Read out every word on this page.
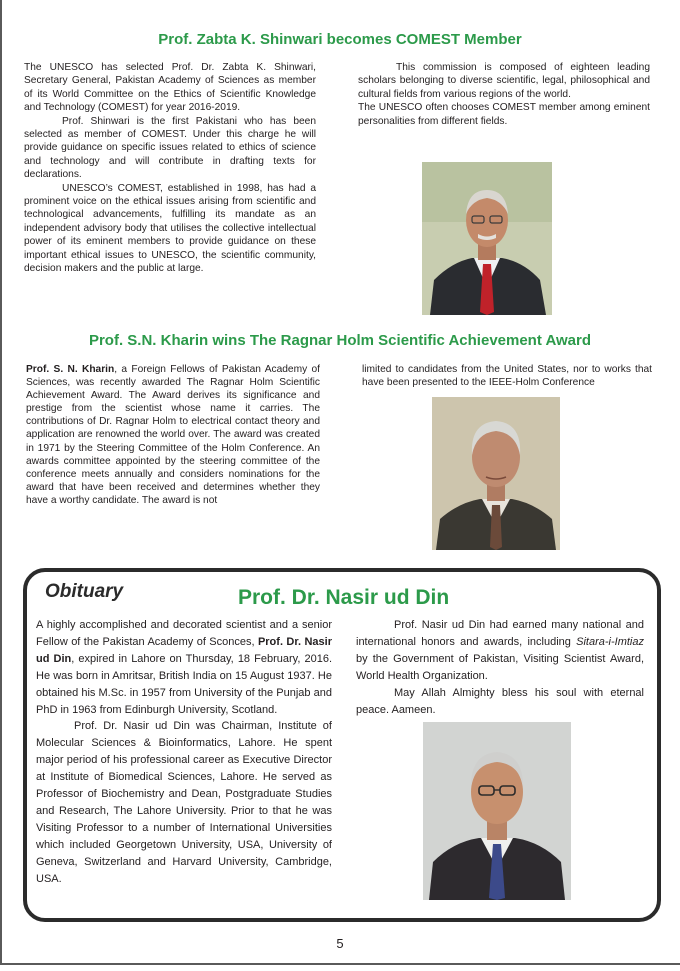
Prof. Zabta K. Shinwari becomes COMEST Member

The UNESCO has selected Prof. Dr. Zabta K. Shinwari, Secretary General, Pakistan Academy of Sciences as member of its World Committee on the Ethics of Scientific Knowledge and Technology (COMEST) for year 2016-2019.

Prof. Shinwari is the first Pakistani who has been selected as member of COMEST. Under this charge he will provide guidance on specific issues related to ethics of science and technology and will contribute in drafting texts for declarations.

UNESCO’s COMEST, established in 1998, has had a prominent voice on the ethical issues arising from scientific and technological advancements, fulfilling its mandate as an independent advisory body that utilises the collective intellectual power of its eminent members to provide guidance on these important ethical issues to UNESCO, the scientific community, decision makers and the public at large.

This commission is composed of eighteen leading scholars belonging to diverse scientific, legal, philosophical and cultural fields from various regions of the world.

The UNESCO often chooses COMEST member among eminent personalities from different fields.

Prof. S.N. Kharin wins The Ragnar Holm Scientific Achievement Award

Prof. S. N. Kharin, a Foreign Fellows of Pakistan Academy of Sciences, was recently awarded The Ragnar Holm Scientific Achievement Award. The Award derives its significance and prestige from the scientist whose name it carries. The contributions of Dr. Ragnar Holm to electrical contact theory and application are renowned the world over. The award was created in 1971 by the Steering Committee of the Holm Conference. An awards committee appointed by the steering committee of the conference meets annually and considers nominations for the award that have been received and determines whether they have a worthy candidate. The award is not

limited to candidates from the United States, nor to works that have been presented to the IEEE-Holm Conference

Obituary	Prof. Dr. Nasir ud Din

A highly accomplished and decorated scientist and a senior Fellow of the Pakistan Academy of Sconces, Prof. Dr. Nasir ud Din, expired in Lahore on Thursday, 18 February, 2016. He was born in Amritsar, British India on 15 August 1937. He obtained his M.Sc. in 1957 from University of the Punjab and PhD in 1963 from Edinburgh University, Scotland.

Prof. Dr. Nasir ud Din was Chairman, Institute of Molecular Sciences & Bioinformatics, Lahore. He spent major period of his professional career as Executive Director at Institute of Biomedical Sciences, Lahore. He served as Professor of Biochemistry and Dean, Postgraduate Studies and Research, The Lahore University. Prior to that he was Visiting Professor to a number of International Universities which included Georgetown University, USA, University of Geneva, Switzerland and Harvard University, Cambridge, USA.

Prof. Nasir ud Din had earned many national and international honors and awards, including Sitara-i-Imtiaz by the Government of Pakistan, Visiting Scientist Award, World Health Organization.

May Allah Almighty bless his soul with eternal peace. Aameen.

5
